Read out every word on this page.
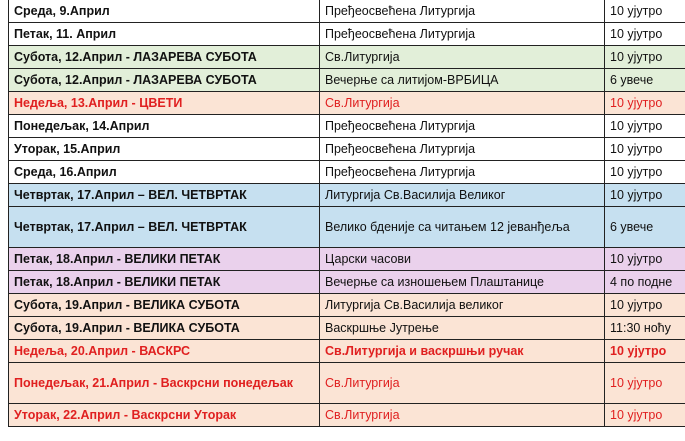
Среда, 9.Април	Пређеосвећена Литургија	10 ујутро
Петак, 11. Април	Пређеосвећена Литургија	10 ујутро
Субота, 12.Април - ЛАЗАРЕВА СУБОТА	Св.Литургија	10 ујутро
Субота, 12.Април - ЛАЗАРЕВА СУБОТА	Вечерње са литијом-ВРБИЦА	6 увече
Недеља, 13.Април - ЦВЕТИ	Св.Литургија	10 ујутро
Понедељак, 14.Април	Пређеосвећена Литургија	10 ујутро
Уторак, 15.Април	Пређеосвећена Литургија	10 ујутро
Среда, 16.Април	Пређеосвећена Литургија	10 ујутро
Четвртак, 17.Април – ВЕЛ. ЧЕТВРТАК	Литургија Св.Василија Великог	10 ујутро
Четвртак, 17.Април – ВЕЛ. ЧЕТВРТАК	Велико бденије са читањем 12 јеванђеља	6 увече
Петак, 18.Април - ВЕЛИКИ ПЕТАК	Царски часови	10 ујутро
Петак, 18.Април - ВЕЛИКИ ПЕТАК	Вечерње са изношењем Плаштанице	4 по подне
Субота, 19.Април - ВЕЛИКА СУБОТА	Литургија Св.Василија великог	10 ујутро
Субота, 19.Април - ВЕЛИКА СУБОТА	Васкршње Јутрење	11:30 ноћу
Недеља, 20.Април - ВАСКРС	Св.Литургија и васкршњи ручак	10 ујутро
Понедељак, 21.Април - Васкрсни понедељак	Св.Литургија	10 ујутро
Уторак, 22.Април - Васкрсни Уторак	Св.Литургија	10 ујутро
